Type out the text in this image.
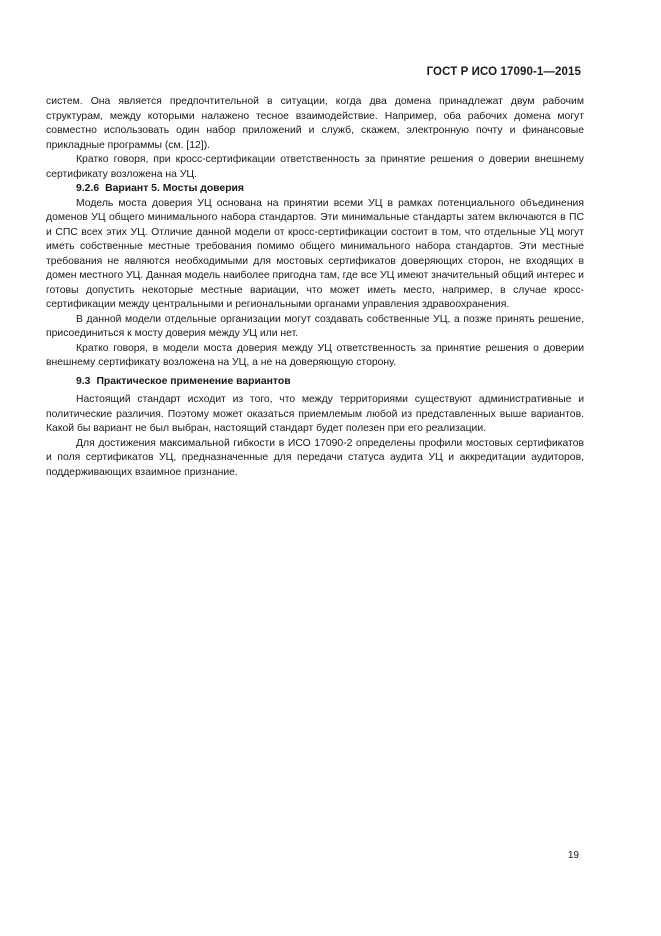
ГОСТ Р ИСО 17090-1—2015

систем. Она является предпочтительной в ситуации, когда два домена принадлежат двум рабочим структурам, между которыми налажено тесное взаимодействие. Например, оба рабочих домена могут совместно использовать один набор приложений и служб, скажем, электронную почту и финансовые прикладные программы (см. [12]).

Кратко говоря, при кросс-сертификации ответственность за принятие решения о доверии внешнему сертификату возложена на УЦ.

9.2.6 Вариант 5. Мосты доверия

Модель моста доверия УЦ основана на принятии всеми УЦ в рамках потенциального объединения доменов УЦ общего минимального набора стандартов. Эти минимальные стандарты затем включаются в ПС и СПС всех этих УЦ. Отличие данной модели от кросс-сертификации состоит в том, что отдельные УЦ могут иметь собственные местные требования помимо общего минимального набора стандартов. Эти местные требования не являются необходимыми для мостовых сертификатов доверяющих сторон, не входящих в домен местного УЦ. Данная модель наиболее пригодна там, где все УЦ имеют значительный общий интерес и готовы допустить некоторые местные вариации, что может иметь место, например, в случае кросс-сертификации между центральными и региональными органами управления здравоохранения.

В данной модели отдельные организации могут создавать собственные УЦ, а позже принять решение, присоединиться к мосту доверия между УЦ или нет.

Кратко говоря, в модели моста доверия между УЦ ответственность за принятие решения о доверии внешнему сертификату возложена на УЦ, а не на доверяющую сторону.

9.3 Практическое применение вариантов

Настоящий стандарт исходит из того, что между территориями существуют административные и политические различия. Поэтому может оказаться приемлемым любой из представленных выше вариантов. Какой бы вариант не был выбран, настоящий стандарт будет полезен при его реализации.

Для достижения максимальной гибкости в ИСО 17090-2 определены профили мостовых сертификатов и поля сертификатов УЦ, предназначенные для передачи статуса аудита УЦ и аккредитации аудиторов, поддерживающих взаимное признание.

19
